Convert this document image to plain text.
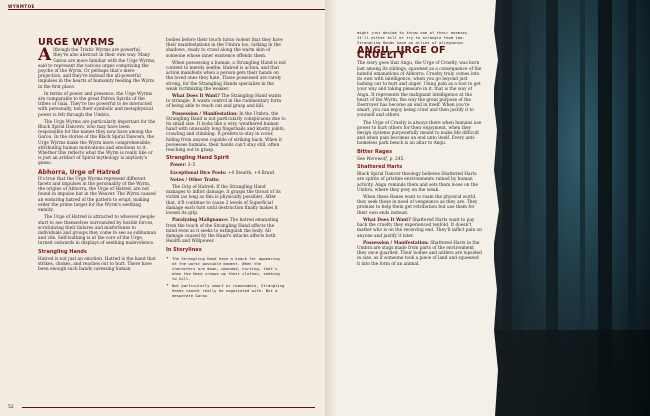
WYRMTOE
URGE WYRMS

Although the Triatic Wyrms are powerful, they're also abstract in their own way. Many Garou are more familiar with the Urge Wyrms, said to represent the various urges comprising the psyche of the Wyrm. Or perhaps that's mere projection, and they're instead the all-powerful impulses in the hearts of humanity feeding the Wyrm in the first place.

In terms of power and presence, the Urge Wyrms are comparable to the great Patron Spirits of the tribes of Gaia. They're too powerful to be interacted with personally, but their symbolic and metaphysical power is felt through the Umbra.

The Urge Wyrms are particularly important for the Black Spiral Dancers, who may have been responsible for the names they now have among the Garou. In the stories of the Black Spiral Dancers, the Urge Wyrms make the Wyrm more comprehensible, attributing human motivations and emotions to it. Whether this reflects what the Wyrm is really like or is just an artifact of Spiral mythology is anybody's guess.

Abhorra, Urge of Hatred

It's true that the Urge Wyrms represent different facets and impulses in the personality of the Wyrm, the origins of Abhorra, the Urge of Hatred, are not found in impulse but in the Weaver. The Wyrm caused an enduring hatred of the pattern to erupt, making order the prime target for the Wyrm's seething enmity.

The Urge of Hatred is attracted to whoever people start to see themselves surrounded by hostile forces, scrutinizing their failures and misfortunes to individuals and groups they come to see as subhuman and vile. Self-loathing is at the core of the Urge, turned outwards in displays of seething malevolence.

Strangling Hands

Hatred is not just an emotion. Hatred is the hand that strikes, chokes, and reaches out to hurt. There have been enough such hands caressing human

bodies before their touch turns violent that they have their manifestations in the Umbra too, lurking in the shadows, ready to crawl along the warm skin of someone whose inner existence offends them.

When possessing a human, a Strangling Hand is not content to merely seethe. Hatred is action, and that action manifests when a person gets their hands on the loved ones they hate. Those possessed are rarely strong, for the Strangling Hands specialize in the weak victimizing the weaker.

What Does It Want? The Strangling Hand wants to strangle. It wants control in the rudimentary form of being able to reach out and grasp and kill.

Possession / Manifestation: In the Umbra, the Strangling Hand is not particularly conspicuous due to its small size. It looks like a wiry, weathered human hand with unusually long fingernails and knotty joints, crawling and climbing. It prefers to stay in cover, hiding from anyone capable of striking back. When it possesses humans, their hands can't stay still, often reaching out to grasp.

Strangling Hand Spirit

Power: 3–5

Exceptional Dice Pools: +4 Stealth, +4 Brawl

Notes / Other Traits:

The Grip of Hatred: If the Strangling Hand manages to inflict damage, it grasps the throat of its victim (as long as this is physically possible). After that, it'll continue to cause 2 levels of Superficial damage each turn until destruction finally makes it loosen its grip.

Paralyzing Malignance: The hatred emanating from the touch of the Strangling Hand affects the mind even as it seeks to extinguish the body. All damage caused by the Hand's attacks affects both Health and Willpower.

In Storylines
✦ The Strangling Hand have a knack for appearing at the worst possible moment. When the characters are down, wounded, hurting, that's when the Hand creeps up their clothes, seeking to kill.
✦ Not particularly smart or reasonable, Strangling Hands cannot really be negotiated with. But a desperate Garou
52
might just decide to throw one of their enemies. It'll either kill or try to strangle them too. Strangling Hands have no allies of allegiance.
ANGU, URGE OF CRUELTY

The story goes that Angu, the Urge of Cruelty, was born last among its siblings, spawned as a consequence of the hateful emanations of Abhorra. Cruelty truly comes into its own with intelligence, when you go beyond just lashing out to hurt and anger. Using pain as a tool to get your way and taking pleasure in it, that is the way of Angu. It represents the malignant intelligence at the heart of the Wyrm, the way the great purpose of the Destroyer has become an end in itself. When you're smart, you can enjoy being cruel and then justify it to yourself and others.

The Urge of Cruelty is always there when humans use power to hurt others for their enjoyment, when they design systems purposefully meant to make life difficult and when pain becomes an end unto itself. Every anti-homeless park bench is an altar to Angu.

Bitter Rages

See Werewolf, p. 245.

Shattered Harts

Black Spiral Dancer theology believes Shattered Harts are spirits of pristine environments ruined by human activity. Angu reminds them and sets them loose on the Umbra, where they prey on the weak.

When these Banes want to roam the physical world, they seek those in need of vengeance as they are. They promise to help them get retribution but use them for their own ends instead.

What Does It Want? Shattered Harts want to pay back the cruelty they experienced tenfold. It doesn't matter who is on the receiving end. They'll inflict pain on anyone and justify it later.

Possession / Manifestation: Shattered Harts in the Umbra are stags made from parts of the environment they once guarded. Their bodies and antlers are lopsided in size, as if someone took a piece of land and squeezed it into the form of an animal.
